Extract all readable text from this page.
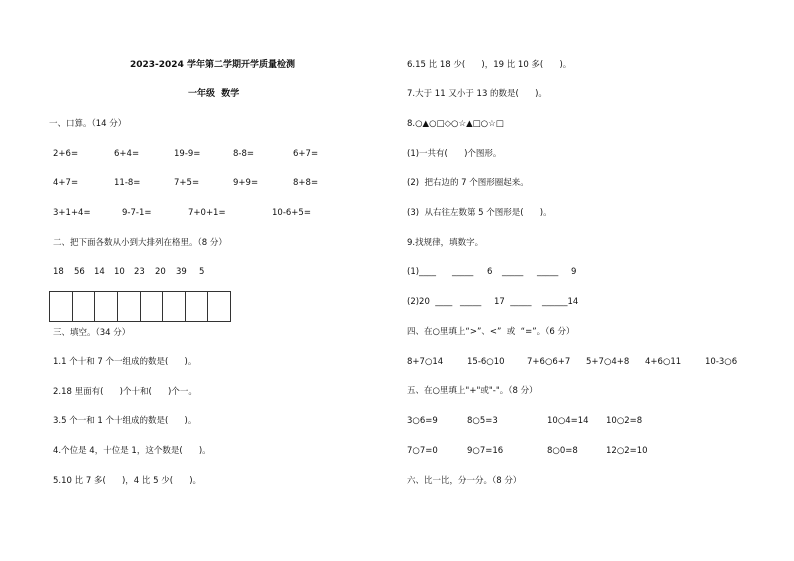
2023-2024 学年第二学期开学质量检测
一年级  数学
一、口算。（14 分）
2+6=	6+4=	19-9=	8-8=	6+7=
4+7=	11-8=	7+5=	9+9=	8+8=
3+1+4=	9-7-1=	7+0+1=	10-6+5=
二、把下面各数从小到大排列在格里。（8 分）
18 56 14 10 23 20 39 5
三、填空。（34 分）
1.1 个十和 7 个一组成的数是(      )。
2.18 里面有(      )个十和(      )个一。
3.5 个一和 1 个十组成的数是(      )。
4.个位是 4，十位是 1，这个数是(      )。
5.10 比 7 多(      )，4 比 5 少(      )。
6.15 比 18 少(      )，19 比 10 多(      )。
7.大于 11 又小于 13 的数是(      )。
8.○▲○□◇○☆▲□○☆□
(1)一共有(      )个图形。
(2)  把右边的 7 个图形圈起来。
(3)  从右往左数第 5 个图形是(      )。
9.找规律，填数字。
(1)____ _____ 6 _____ _____ 9
(2)20  ____ _____ 17  _____ ______14
四、在○里填上“>”、<”  或  “=”。（6 分）
8+7○14	15-6○10	7+6○6+7 5+7○4+8 4+6○11	10-3○6
五、在○里填上"+"或"-"。（8 分）
3○6=9	8○5=3	10○4=14 10○2=8
7○7=0	9○7=16	8○0=8	12○2=10
六、比一比，分一分。（8 分）
